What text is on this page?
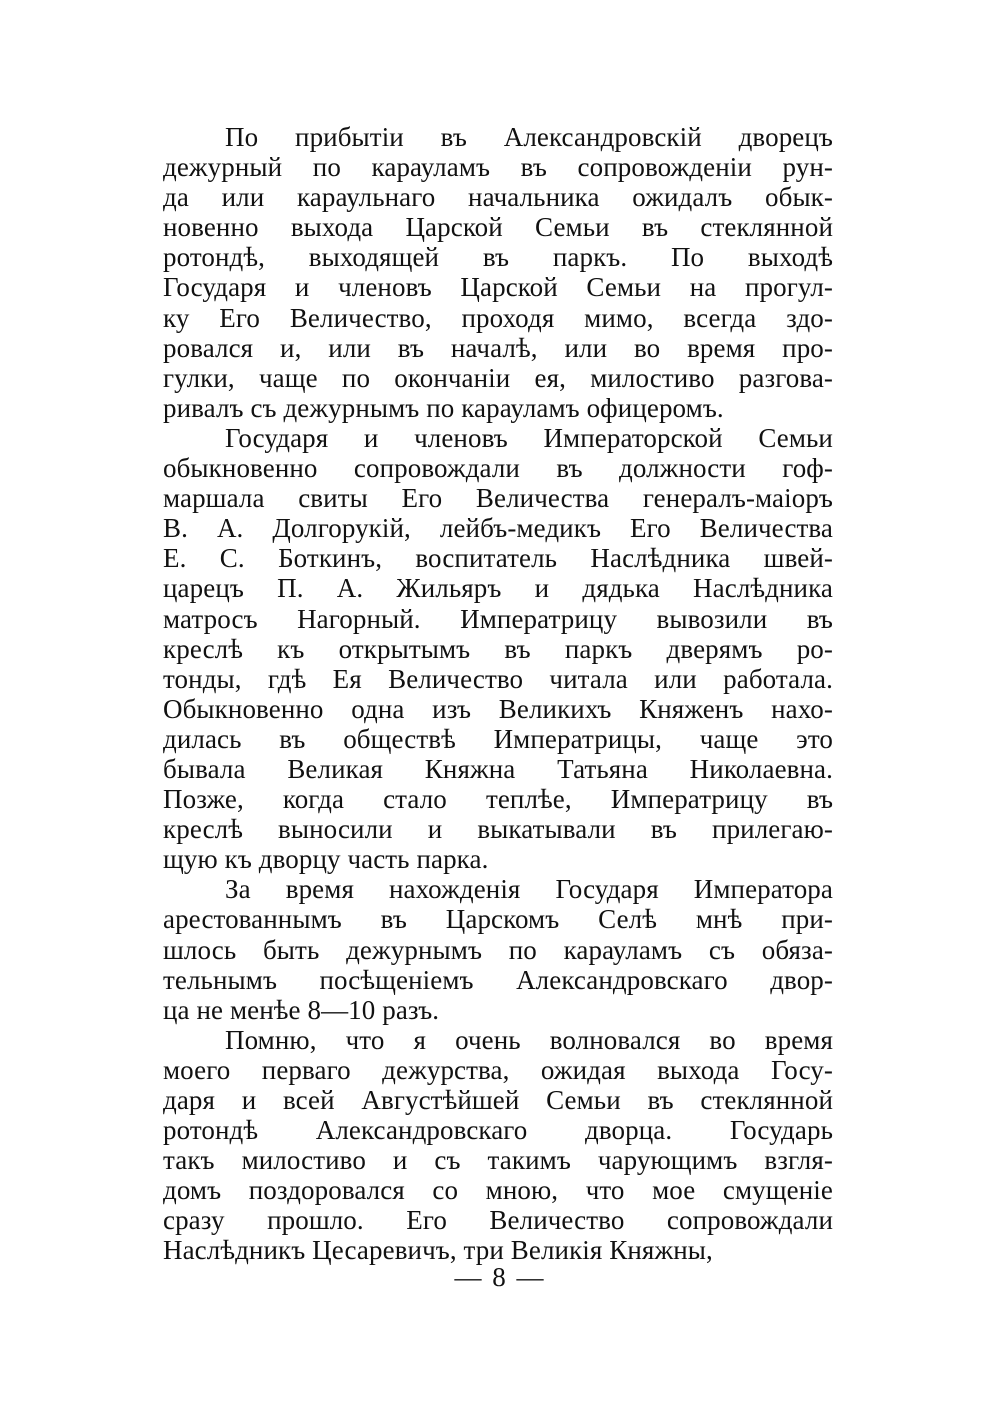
По прибытiи въ Александровскiй дворецъ
дежурный по карауламъ въ сопровожденiи рун-
да или караульнаго начальника ожидалъ обык-
новенно выхода Царской Семьи въ стеклянной
ротондѣ, выходящей въ паркъ. По выходѣ
Государя и членовъ Царской Семьи на прогул-
ку Его Величество, проходя мимо, всегда здо-
ровался и, или въ началѣ, или во время про-
гулки, чаще по окончанiи ея, милостиво разгова-
ривалъ съ дежурнымъ по карауламъ офицеромъ.
Государя и членовъ Императорской Семьи
обыкновенно сопровождали въ должности гоф-
маршала свиты Его Величества генералъ-маiоръ
В. А. Долгорукiй, лейбъ-медикъ Его Величества
Е. С. Боткинъ, воспитатель Наслѣдника швей-
царецъ П. А. Жильяръ и дядька Наслѣдника
матросъ Нагорный. Императрицу вывозили въ
креслѣ къ открытымъ въ паркъ дверямъ ро-
тонды, гдѣ Ея Величество читала или работала.
Обыкновенно одна изъ Великихъ Княженъ нахо-
дилась въ обществѣ Императрицы, чаще это
бывала Великая Княжна Татьяна Николаевна.
Позже, когда стало теплѣе, Императрицу въ
креслѣ выносили и выкатывали въ прилегаю-
щую къ дворцу часть парка.
За время нахожденiя Государя Императора
арестованнымъ въ Царскомъ Селѣ мнѣ при-
шлось быть дежурнымъ по карауламъ съ обяза-
тельнымъ посѣщенiемъ Александровскаго двор-
ца не менѣе 8—10 разъ.
Помню, что я очень волновался во время
моего перваго дежурства, ожидая выхода Госу-
даря и всей Августѣйшей Семьи въ стеклянной
ротондѣ Александровскаго дворца. Государь
такъ милостиво и съ такимъ чарующимъ взгля-
домъ поздоровался со мною, что мое смущенiе
сразу прошло. Его Величество сопровождали
Наслѣдникъ Цесаревичъ, три Великiя Княжны,
— 8 —
